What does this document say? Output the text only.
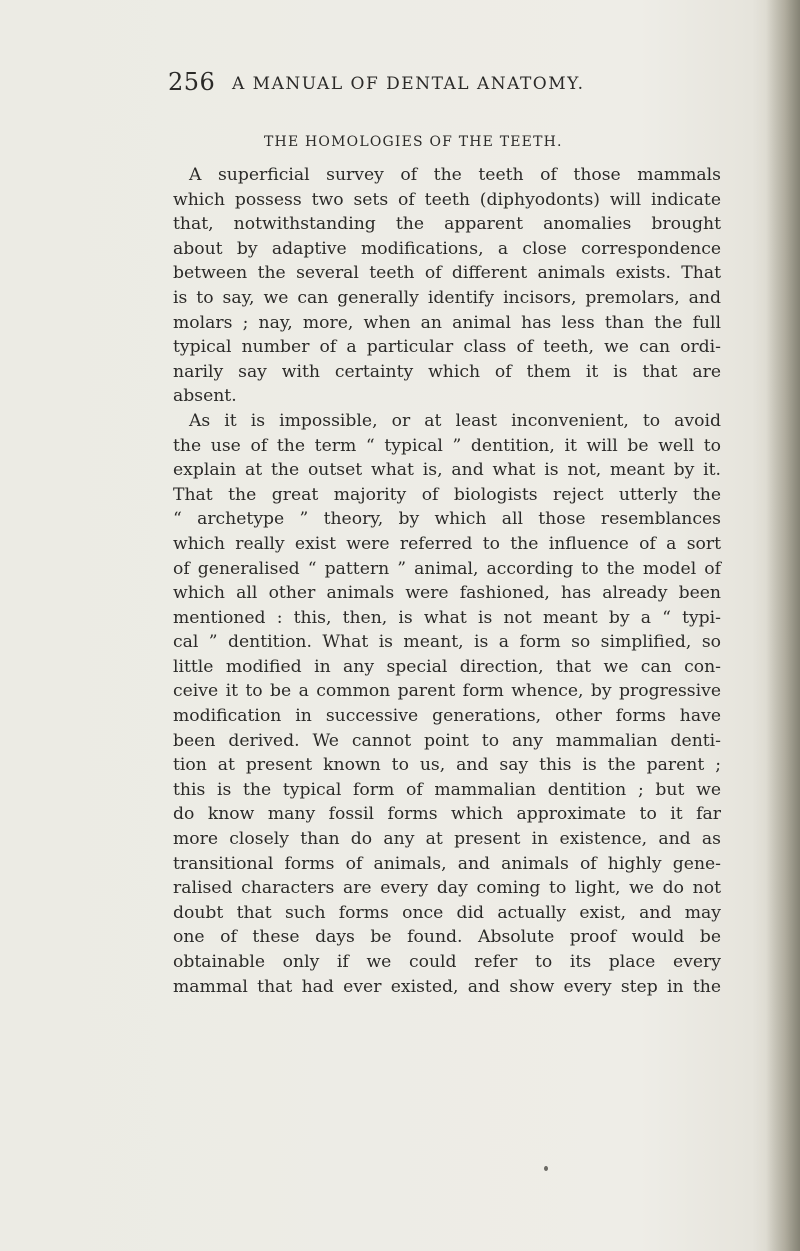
256 A MANUAL OF DENTAL ANATOMY.
THE HOMOLOGIES OF THE TEETH.
A superficial survey of the teeth of those mammals
which possess two sets of teeth (diphyodonts) will indicate
that, notwithstanding the apparent anomalies brought
about by adaptive modifications, a close correspondence
between the several teeth of different animals exists. That
is to say, we can generally identify incisors, premolars, and
molars ; nay, more, when an animal has less than the full
typical number of a particular class of teeth, we can ordi-
narily say with certainty which of them it is that are
absent.
As it is impossible, or at least inconvenient, to avoid
the use of the term “ typical ” dentition, it will be well to
explain at the outset what is, and what is not, meant by it.
That the great majority of biologists reject utterly the
“ archetype ” theory, by which all those resemblances
which really exist were referred to the influence of a sort
of generalised “ pattern ” animal, according to the model of
which all other animals were fashioned, has already been
mentioned : this, then, is what is not meant by a “ typi-
cal ” dentition. What is meant, is a form so simplified, so
little modified in any special direction, that we can con-
ceive it to be a common parent form whence, by progressive
modification in successive generations, other forms have
been derived. We cannot point to any mammalian denti-
tion at present known to us, and say this is the parent ;
this is the typical form of mammalian dentition ; but we
do know many fossil forms which approximate to it far
more closely than do any at present in existence, and as
transitional forms of animals, and animals of highly gene-
ralised characters are every day coming to light, we do not
doubt that such forms once did actually exist, and may
one of these days be found. Absolute proof would be
obtainable only if we could refer to its place every
mammal that had ever existed, and show every step in the
